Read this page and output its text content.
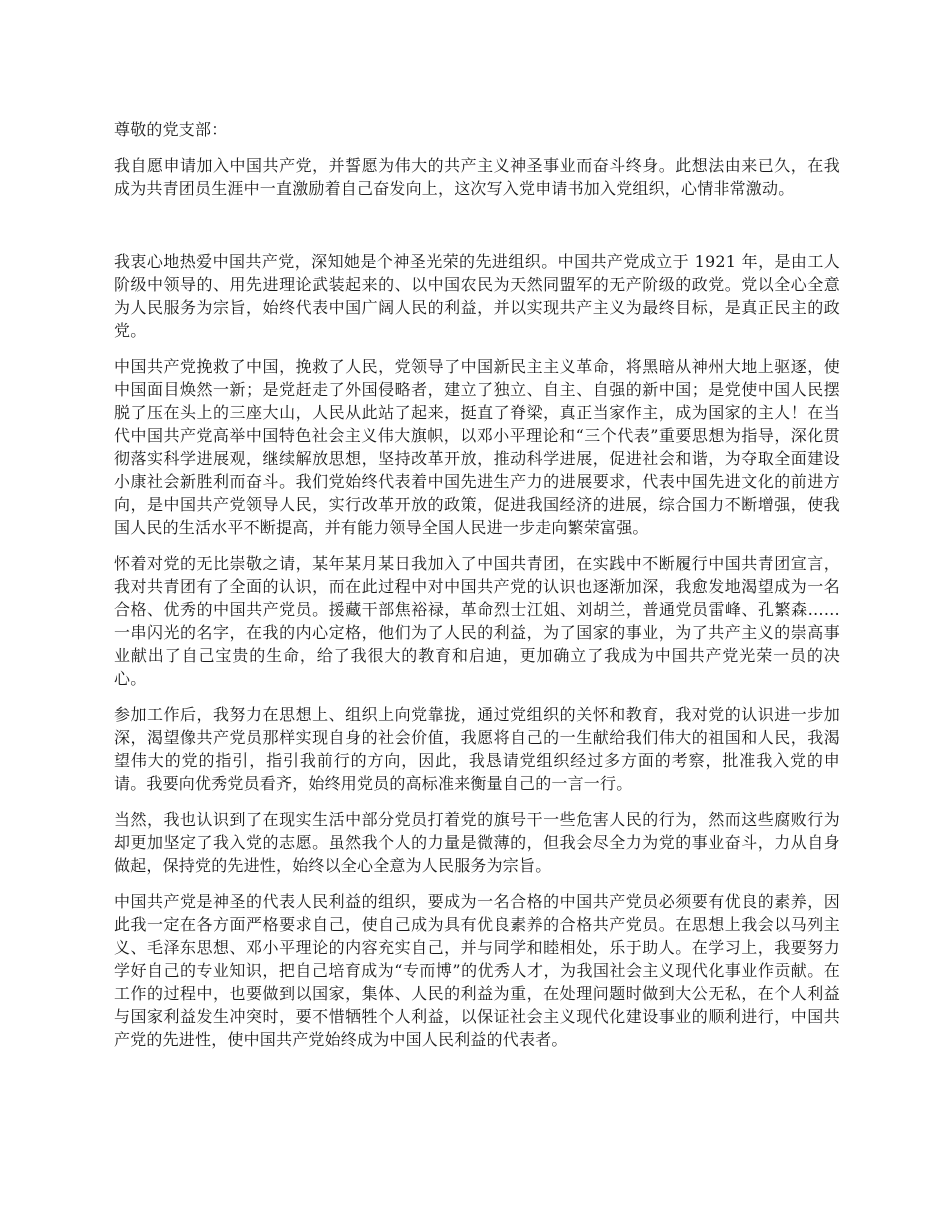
尊敬的党支部：

我自愿申请加入中国共产党，并誓愿为伟大的共产主义神圣事业而奋斗终身。此想法由来已久，在我成为共青团员生涯中一直激励着自己奋发向上，这次写入党申请书加入党组织，心情非常激动。

我衷心地热爱中国共产党，深知她是个神圣光荣的先进组织。中国共产党成立于 1921 年，是由工人阶级中领导的、用先进理论武装起来的、以中国农民为天然同盟军的无产阶级的政党。党以全心全意为人民服务为宗旨，始终代表中国广阔人民的利益，并以实现共产主义为最终目标，是真正民主的政党。

中国共产党挽救了中国，挽救了人民，党领导了中国新民主主义革命，将黑暗从神州大地上驱逐，使中国面目焕然一新；是党赶走了外国侵略者，建立了独立、自主、自强的新中国；是党使中国人民摆脱了压在头上的三座大山，人民从此站了起来，挺直了脊梁，真正当家作主，成为国家的主人！在当代中国共产党高举中国特色社会主义伟大旗帜，以邓小平理论和“三个代表”重要思想为指导，深化贯彻落实科学进展观，继续解放思想，坚持改革开放，推动科学进展，促进社会和谐，为夺取全面建设小康社会新胜利而奋斗。我们党始终代表着中国先进生产力的进展要求，代表中国先进文化的前进方向，是中国共产党领导人民，实行改革开放的政策，促进我国经济的进展，综合国力不断增强，使我国人民的生活水平不断提高，并有能力领导全国人民进一步走向繁荣富强。

怀着对党的无比崇敬之请，某年某月某日我加入了中国共青团，在实践中不断履行中国共青团宣言，我对共青团有了全面的认识，而在此过程中对中国共产党的认识也逐渐加深，我愈发地渴望成为一名合格、优秀的中国共产党员。援藏干部焦裕禄，革命烈士江姐、刘胡兰，普通党员雷峰、孔繁森……一串闪光的名字，在我的内心定格，他们为了人民的利益，为了国家的事业，为了共产主义的崇高事业献出了自己宝贵的生命，给了我很大的教育和启迪，更加确立了我成为中国共产党光荣一员的决心。

参加工作后，我努力在思想上、组织上向党靠拢，通过党组织的关怀和教育，我对党的认识进一步加深，渴望像共产党员那样实现自身的社会价值，我愿将自己的一生献给我们伟大的祖国和人民，我渴望伟大的党的指引，指引我前行的方向，因此，我恳请党组织经过多方面的考察，批准我入党的申请。我要向优秀党员看齐，始终用党员的高标准来衡量自己的一言一行。

当然，我也认识到了在现实生活中部分党员打着党的旗号干一些危害人民的行为，然而这些腐败行为却更加坚定了我入党的志愿。虽然我个人的力量是微薄的，但我会尽全力为党的事业奋斗，力从自身做起，保持党的先进性，始终以全心全意为人民服务为宗旨。

中国共产党是神圣的代表人民利益的组织，要成为一名合格的中国共产党员必须要有优良的素养，因此我一定在各方面严格要求自己，使自己成为具有优良素养的合格共产党员。在思想上我会以马列主义、毛泽东思想、邓小平理论的内容充实自己，并与同学和睦相处，乐于助人。在学习上，我要努力学好自己的专业知识，把自己培育成为“专而博”的优秀人才，为我国社会主义现代化事业作贡献。在工作的过程中，也要做到以国家，集体、人民的利益为重，在处理问题时做到大公无私，在个人利益与国家利益发生冲突时，要不惜牺牲个人利益，以保证社会主义现代化建设事业的顺利进行，中国共产党的先进性，使中国共产党始终成为中国人民利益的代表者。
